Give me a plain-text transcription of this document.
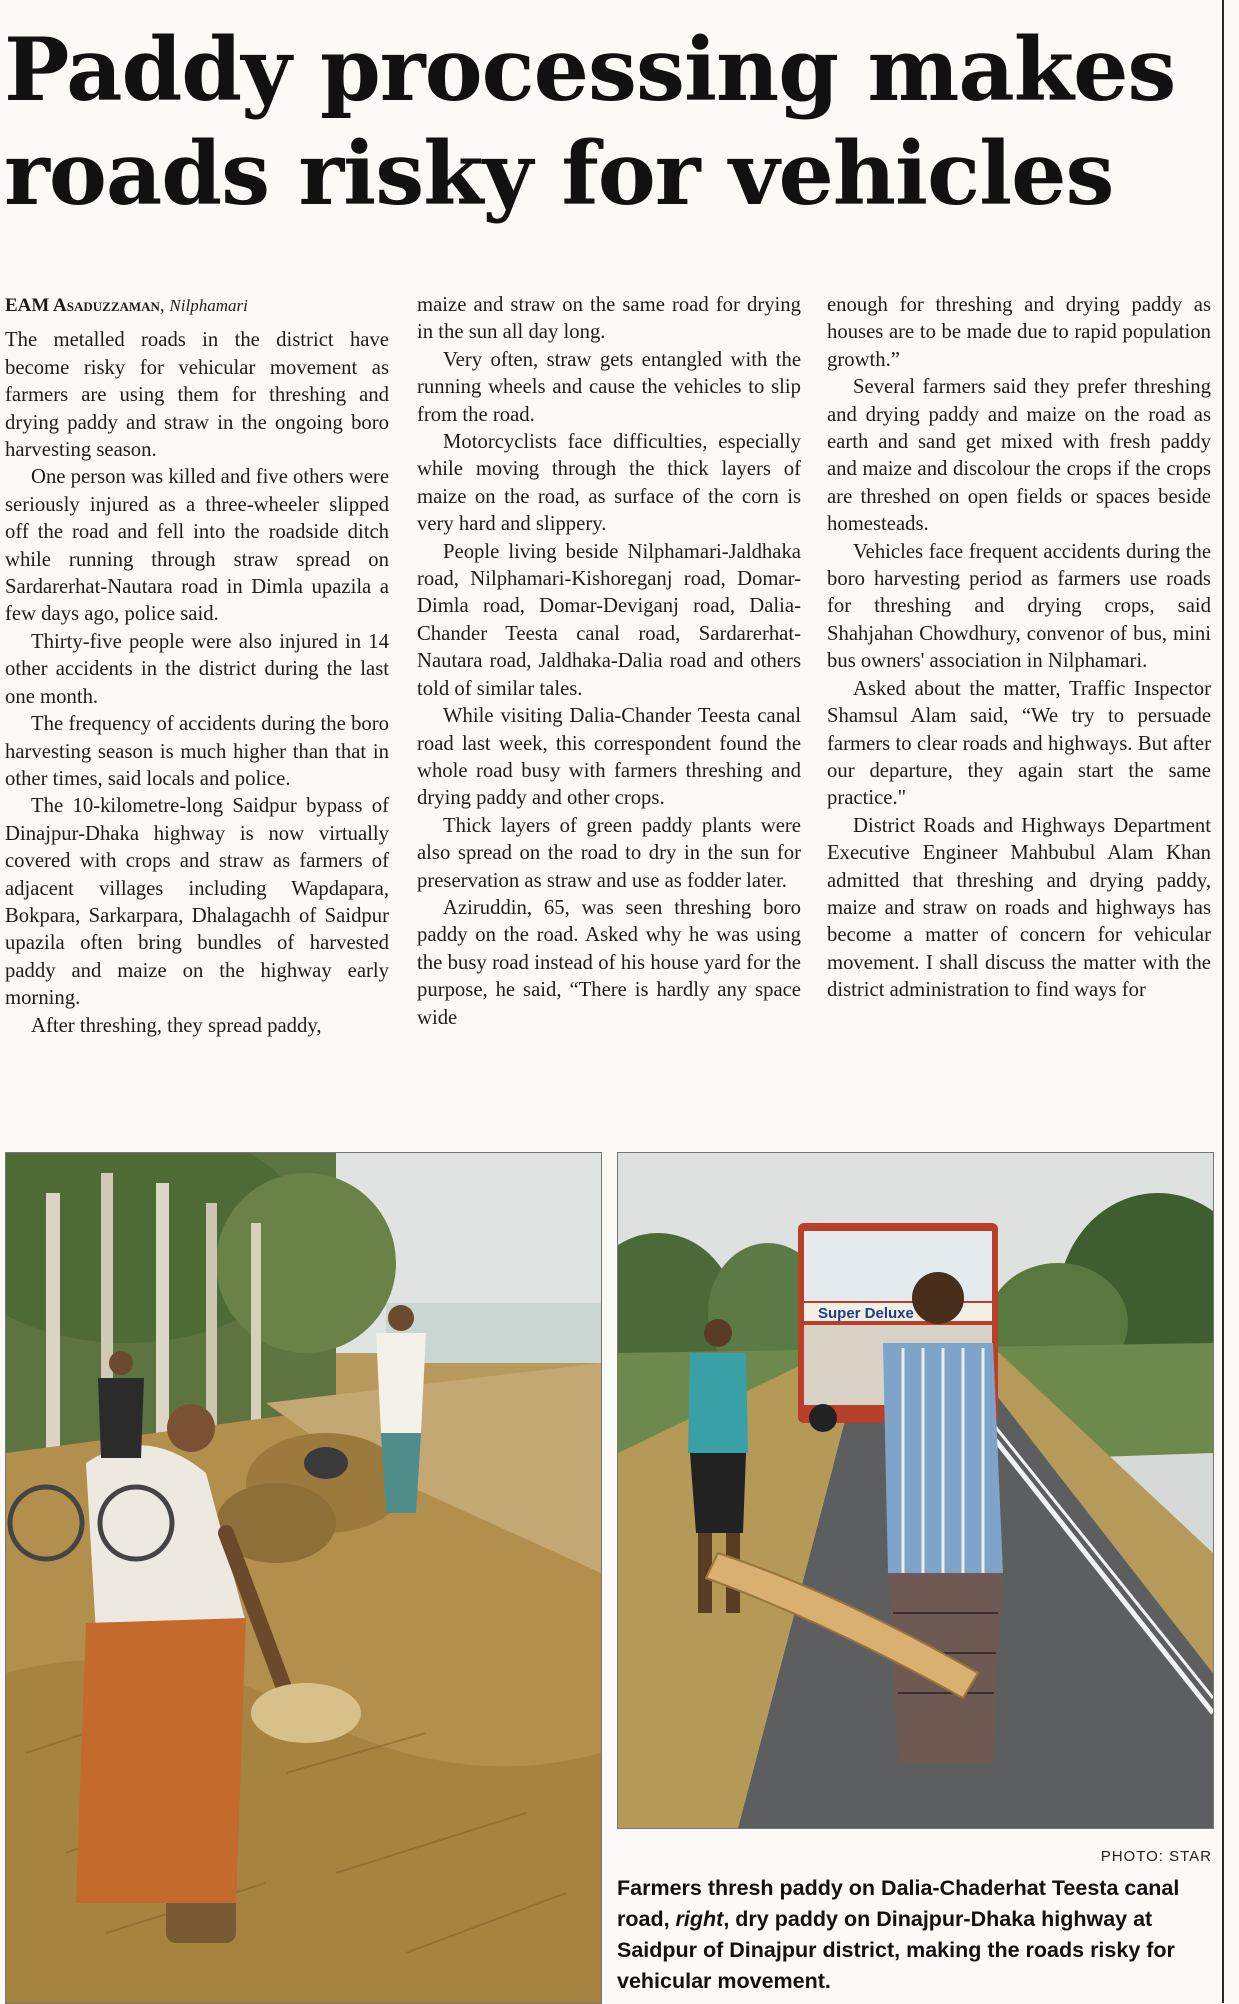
Paddy processing makes roads risky for vehicles
EAM Asaduzzaman, Nilphamari

The metalled roads in the district have become risky for vehicular movement as farmers are using them for threshing and drying paddy and straw in the ongoing boro harvesting season.

One person was killed and five others were seriously injured as a three-wheeler slipped off the road and fell into the roadside ditch while running through straw spread on Sardarerhat-Nautara road in Dimla upazila a few days ago, police said.

Thirty-five people were also injured in 14 other accidents in the district during the last one month.

The frequency of accidents during the boro harvesting season is much higher than that in other times, said locals and police.

The 10-kilometre-long Saidpur bypass of Dinajpur-Dhaka highway is now virtually covered with crops and straw as farmers of adjacent villages including Wapdapara, Bokpara, Sarkarpara, Dhalagachh of Saidpur upazila often bring bundles of harvested paddy and maize on the highway early morning.

After threshing, they spread paddy,

maize and straw on the same road for drying in the sun all day long.

Very often, straw gets entangled with the running wheels and cause the vehicles to slip from the road.

Motorcyclists face difficulties, especially while moving through the thick layers of maize on the road, as surface of the corn is very hard and slippery.

People living beside Nilphamari-Jaldhaka road, Nilphamari-Kishoreganj road, Domar-Dimla road, Domar-Deviganj road, Dalia-Chander Teesta canal road, Sardarerhat-Nautara road, Jaldhaka-Dalia road and others told of similar tales.

While visiting Dalia-Chander Teesta canal road last week, this correspondent found the whole road busy with farmers threshing and drying paddy and other crops.

Thick layers of green paddy plants were also spread on the road to dry in the sun for preservation as straw and use as fodder later.

Aziruddin, 65, was seen threshing boro paddy on the road. Asked why he was using the busy road instead of his house yard for the purpose, he said, “There is hardly any space wide

enough for threshing and drying paddy as houses are to be made due to rapid population growth.”

Several farmers said they prefer threshing and drying paddy and maize on the road as earth and sand get mixed with fresh paddy and maize and discolour the crops if the crops are threshed on open fields or spaces beside homesteads.

Vehicles face frequent accidents during the boro harvesting period as farmers use roads for threshing and drying crops, said Shahjahan Chowdhury, convenor of bus, mini bus owners' association in Nilphamari.

Asked about the matter, Traffic Inspector Shamsul Alam said, “We try to persuade farmers to clear roads and highways. But after our departure, they again start the same practice."

District Roads and Highways Department Executive Engineer Mahbubul Alam Khan admitted that threshing and drying paddy, maize and straw on roads and highways has become a matter of concern for vehicular movement. I shall discuss the matter with the district administration to find ways for

Super Deluxe
PHOTO: STAR

Farmers thresh paddy on Dalia-Chaderhat Teesta canal road, right, dry paddy on Dinajpur-Dhaka highway at Saidpur of Dinajpur district, making the roads risky for vehicular movement.
